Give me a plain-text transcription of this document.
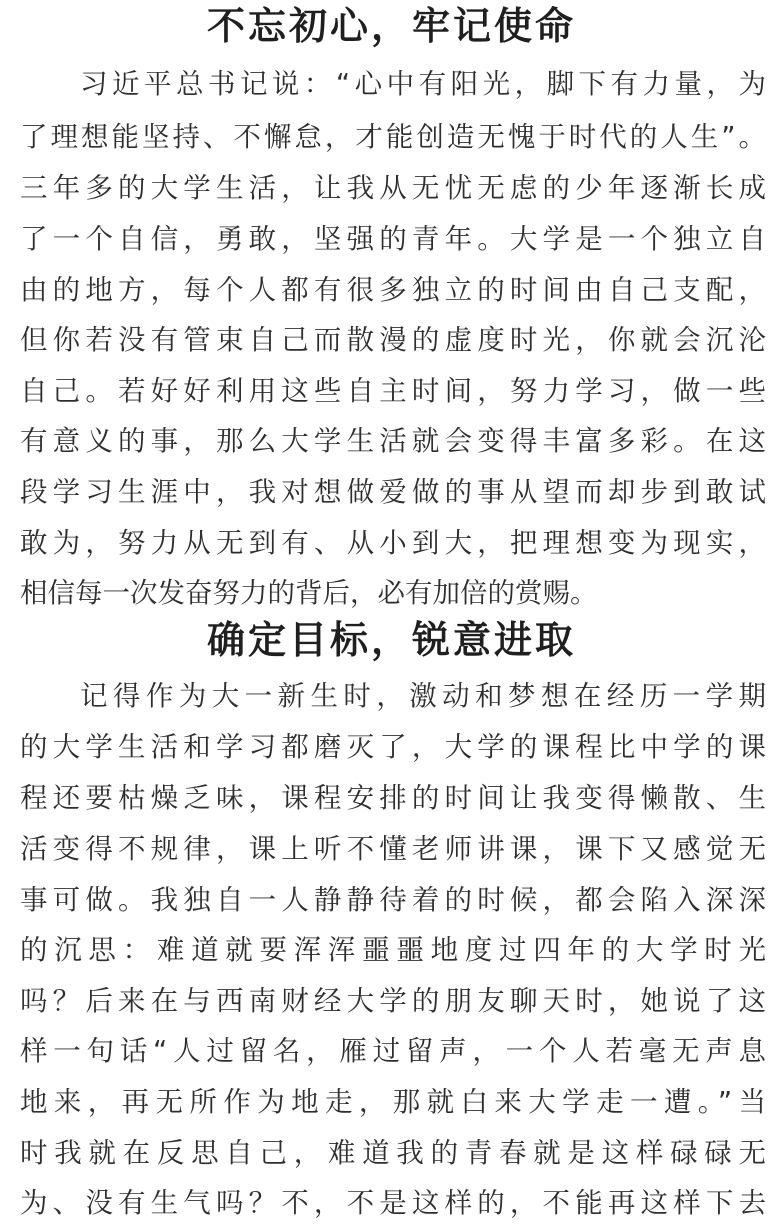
不忘初心，牢记使命
习近平总书记说：“心中有阳光，脚下有力量，为
了理想能坚持、不懈怠，才能创造无愧于时代的人生”。
三年多的大学生活，让我从无忧无虑的少年逐渐长成
了一个自信，勇敢，坚强的青年。大学是一个独立自
由的地方，每个人都有很多独立的时间由自己支配，
但你若没有管束自己而散漫的虚度时光，你就会沉沦
自己。若好好利用这些自主时间，努力学习，做一些
有意义的事，那么大学生活就会变得丰富多彩。在这
段学习生涯中，我对想做爱做的事从望而却步到敢试
敢为，努力从无到有、从小到大，把理想变为现实，
相信每一次发奋努力的背后，必有加倍的赏赐。
确定目标，锐意进取
记得作为大一新生时，激动和梦想在经历一学期
的大学生活和学习都磨灭了，大学的课程比中学的课
程还要枯燥乏味，课程安排的时间让我变得懒散、生
活变得不规律，课上听不懂老师讲课，课下又感觉无
事可做。我独自一人静静待着的时候，都会陷入深深
的沉思：难道就要浑浑噩噩地度过四年的大学时光
吗？后来在与西南财经大学的朋友聊天时，她说了这
样一句话“人过留名，雁过留声，一个人若毫无声息
地来，再无所作为地走，那就白来大学走一遭。”当
时我就在反思自己，难道我的青春就是这样碌碌无
为、没有生气吗？不，不是这样的，不能再这样下去
